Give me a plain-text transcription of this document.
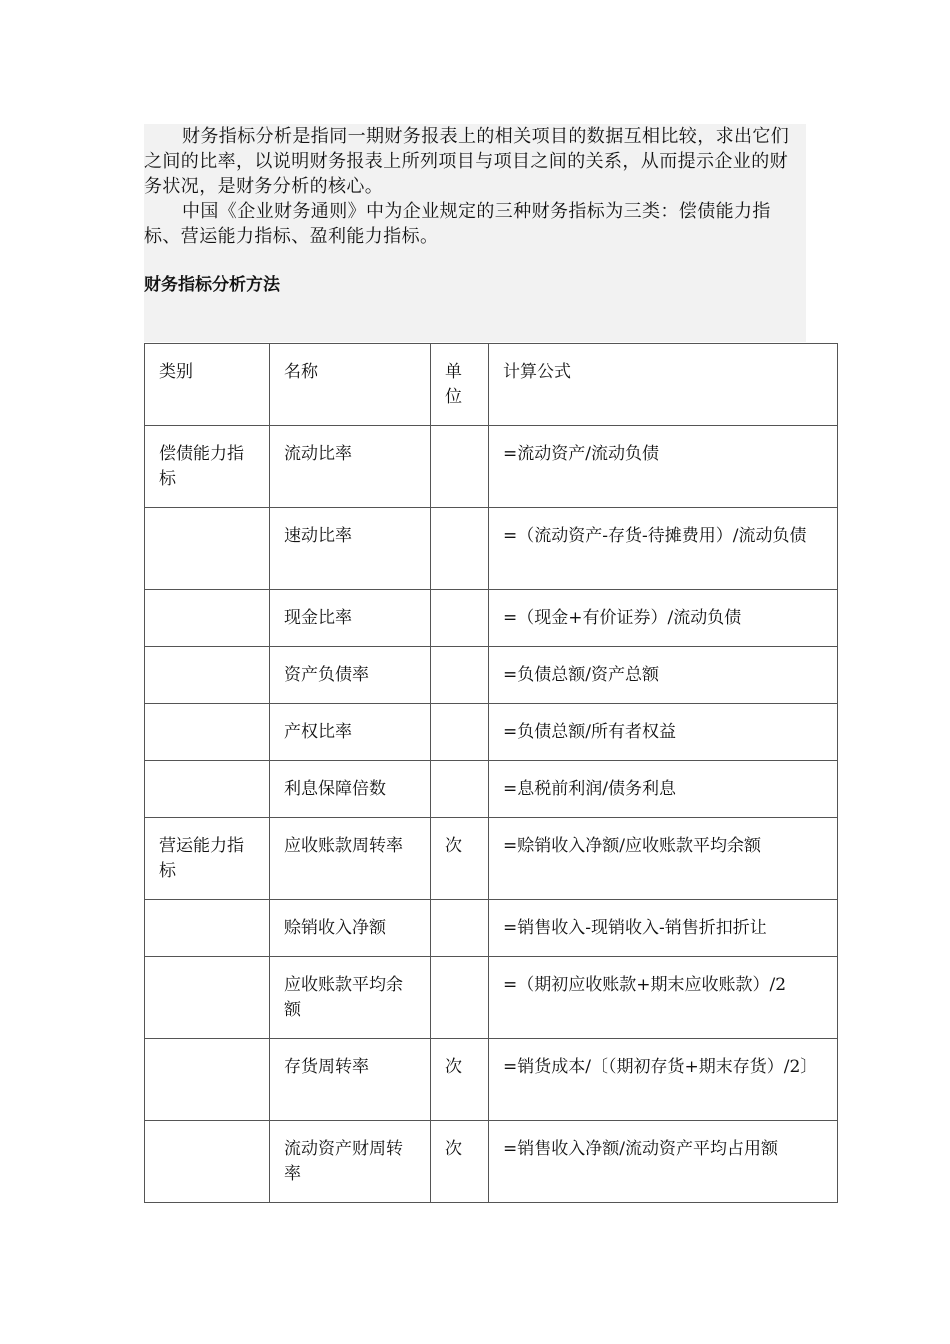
财务指标分析是指同一期财务报表上的相关项目的数据互相比较，求出它们之间的比率，以说明财务报表上所列项目与项目之间的关系，从而提示企业的财务状况，是财务分析的核心。

中国《企业财务通则》中为企业规定的三种财务指标为三类：偿债能力指标、营运能力指标、盈利能力指标。

财务指标分析方法
类别	名称	单位	计算公式
偿债能力指标	流动比率		=流动资产/流动负债
	速动比率		=（流动资产-存货-待摊费用）/流动负债
	现金比率		=（现金+有价证券）/流动负债
	资产负债率		=负债总额/资产总额
	产权比率		=负债总额/所有者权益
	利息保障倍数		=息税前利润/债务利息
营运能力指标	应收账款周转率	次	=赊销收入净额/应收账款平均余额
	赊销收入净额		=销售收入-现销收入-销售折扣折让
	应收账款平均余额		=（期初应收账款+期末应收账款）/2
	存货周转率	次	=销货成本/〔（期初存货+期末存货）/2〕
	流动资产财周转率	次	=销售收入净额/流动资产平均占用额
